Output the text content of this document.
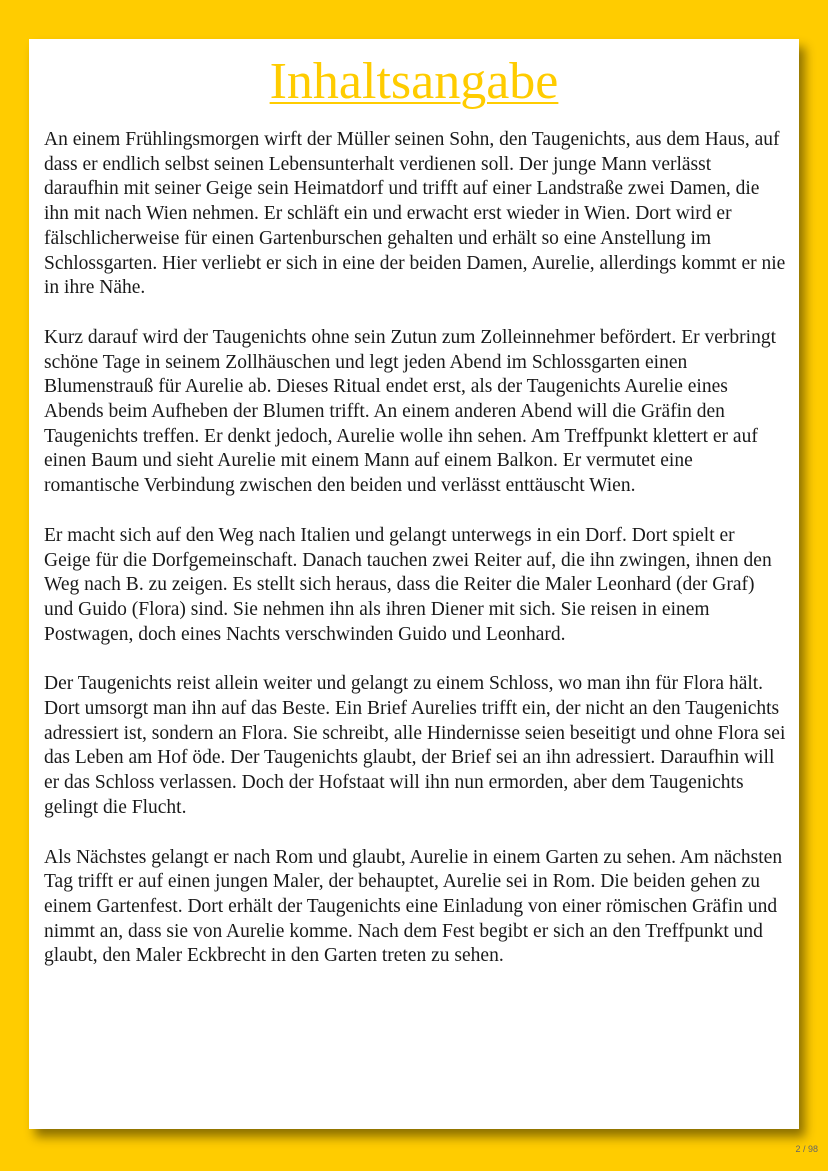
Inhaltsangabe

An einem Frühlingsmorgen wirft der Müller seinen Sohn, den Taugenichts, aus dem Haus, auf dass er endlich selbst seinen Lebensunterhalt verdienen soll. Der junge Mann verlässt daraufhin mit seiner Geige sein Heimatdorf und trifft auf einer Landstraße zwei Damen, die ihn mit nach Wien nehmen. Er schläft ein und erwacht erst wieder in Wien. Dort wird er fälschlicherweise für einen Gartenburschen gehalten und erhält so eine Anstellung im Schlossgarten. Hier verliebt er sich in eine der beiden Damen, Aurelie, allerdings kommt er nie in ihre Nähe.

Kurz darauf wird der Taugenichts ohne sein Zutun zum Zolleinnehmer befördert. Er verbringt schöne Tage in seinem Zollhäuschen und legt jeden Abend im Schlossgarten einen Blumenstrauß für Aurelie ab. Dieses Ritual endet erst, als der Taugenichts Aurelie eines Abends beim Aufheben der Blumen trifft. An einem anderen Abend will die Gräfin den Taugenichts treffen. Er denkt jedoch, Aurelie wolle ihn sehen. Am Treffpunkt klettert er auf einen Baum und sieht Aurelie mit einem Mann auf einem Balkon. Er vermutet eine romantische Verbindung zwischen den beiden und verlässt enttäuscht Wien.

Er macht sich auf den Weg nach Italien und gelangt unterwegs in ein Dorf. Dort spielt er Geige für die Dorfgemeinschaft. Danach tauchen zwei Reiter auf, die ihn zwingen, ihnen den Weg nach B. zu zeigen. Es stellt sich heraus, dass die Reiter die Maler Leonhard (der Graf) und Guido (Flora) sind. Sie nehmen ihn als ihren Diener mit sich. Sie reisen in einem Postwagen, doch eines Nachts verschwinden Guido und Leonhard.

Der Taugenichts reist allein weiter und gelangt zu einem Schloss, wo man ihn für Flora hält. Dort umsorgt man ihn auf das Beste. Ein Brief Aurelies trifft ein, der nicht an den Taugenichts adressiert ist, sondern an Flora. Sie schreibt, alle Hindernisse seien beseitigt und ohne Flora sei das Leben am Hof öde. Der Taugenichts glaubt, der Brief sei an ihn adressiert. Daraufhin will er das Schloss verlassen. Doch der Hofstaat will ihn nun ermorden, aber dem Taugenichts gelingt die Flucht.

Als Nächstes gelangt er nach Rom und glaubt, Aurelie in einem Garten zu sehen. Am nächsten Tag trifft er auf einen jungen Maler, der behauptet, Aurelie sei in Rom. Die beiden gehen zu einem Gartenfest. Dort erhält der Taugenichts eine Einladung von einer römischen Gräfin und nimmt an, dass sie von Aurelie komme. Nach dem Fest begibt er sich an den Treffpunkt und glaubt, den Maler Eckbrecht in den Garten treten zu sehen.

2 / 98
